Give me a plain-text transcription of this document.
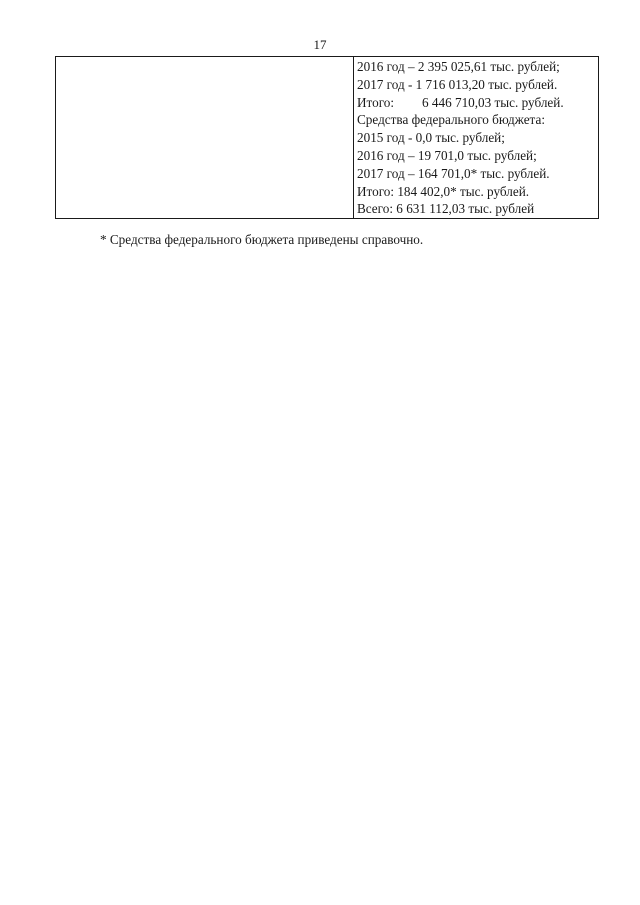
17

2016 год – 2 395 025,61 тыс. рублей;
2017 год - 1 716 013,20 тыс. рублей.
Итого: 6 446 710,03 тыс. рублей.
Средства федерального бюджета:
2015 год - 0,0 тыс. рублей;
2016 год – 19 701,0 тыс. рублей;
2017 год – 164 701,0* тыс. рублей.
Итого: 184 402,0* тыс. рублей.
Всего: 6 631 112,03 тыс. рублей
* Средства федерального бюджета приведены справочно.
